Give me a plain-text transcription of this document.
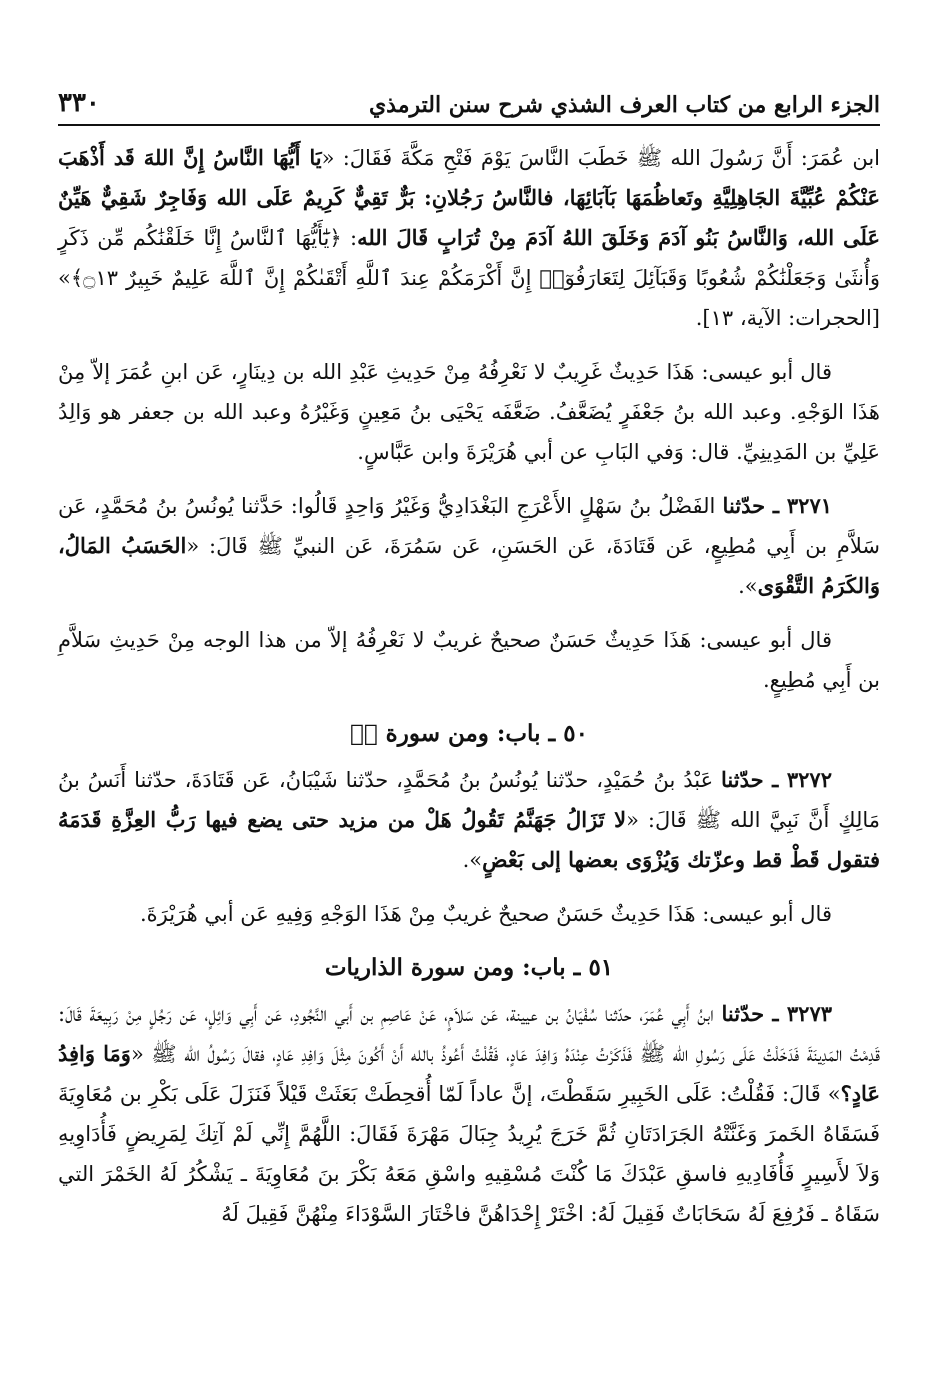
الجزء الرابع من كتاب العرف الشذي شرح سنن الترمذي
٣٣٠

ابن عُمَرَ: أَنَّ رَسُولَ الله ﷺ خَطَبَ النَّاسَ يَوْمَ فَتْحِ مَكَّةَ فَقَالَ: «يَا أَيُّهَا النَّاسُ إِنَّ اللهَ قَد أَذْهَبَ عَنْكُمْ عُبِّيَّةَ الجَاهِلِيَّةِ وتَعاظُمَهَا بَآبَائِهَا، فالنَّاسُ رَجُلانِ: بَرٌّ تَقِيٌّ كَرِيمٌ عَلَى الله وَفَاجِرٌ شَقِيٌّ هَيِّنٌ عَلَى الله، وَالنَّاسُ بَنُو آدَمَ وَخَلَقَ اللهُ آدَمَ مِنْ تُرَابٍ قَالَ الله: ﴿يَٰٓأَيُّهَا ٱلنَّاسُ إِنَّا خَلَقْنَٰكُم مِّن ذَكَرٍ وَأُنثَىٰ وَجَعَلْنَٰكُمْ شُعُوبًا وَقَبَآئِلَ لِتَعَارَفُوٓا۟ إِنَّ أَكْرَمَكُمْ عِندَ ٱللَّهِ أَتْقَىٰكُمْ إِنَّ ٱللَّهَ عَلِيمٌ خَبِيرٌ ۝١٣﴾» [الحجرات: الآية، ١٣].

قال أبو عيسى: هَذَا حَدِيثٌ غَرِيبٌ لا نَعْرِفُهُ مِنْ حَدِيثِ عَبْدِ الله بن دِينَارٍ، عَن ابنِ عُمَرَ إلاّ مِنْ هَذَا الوَجْهِ. وعبد الله بنُ جَعْفَرٍ يُضَعَّفُ. ضَعَّفَه يَحْيَى بنُ مَعِينٍ وَغَيْرُهُ وعبد الله بن جعفر هو وَالِدُ عَلِيِّ بن المَدِينِيِّ. قال: وَفي البَابِ عن أبي هُرَيْرَةَ وابن عَبَّاسٍ.

٣٢٧١ ـ حدّثنا الفَضْلُ بنُ سَهْلٍ الأَعْرَجِ البَغْدَادِيُّ وَغَيْرُ وَاحِدٍ قَالُوا: حَدَّثنا يُونُسُ بنُ مُحَمَّدٍ، عَن سَلاَّمِ بن أَبِي مُطِيعٍ، عَن قَتَادَةَ، عَن الحَسَنِ، عَن سَمُرَةَ، عَن النبيِّ ﷺ قَالَ: «الحَسَبُ المَالُ، وَالكَرَمُ التَّقْوَى».

قال أبو عيسى: هَذَا حَدِيثٌ حَسَنٌ صحيحٌ غريبٌ لا نَعْرِفُهُ إلاّ من هذا الوجه مِنْ حَدِيثِ سَلاَّمِ بن أَبِي مُطِيعٍ.

٥٠ ـ باب: ومن سورة قۤ

٣٢٧٢ ـ حدّثنا عَبْدُ بنُ حُمَيْدٍ، حدّثنا يُونُسُ بنُ مُحَمَّدٍ، حدّثنا شَيْبَانُ، عَن قَتَادَةَ، حدّثنا أَنَسُ بنُ مَالِكٍ أَنَّ نَبِيَّ الله ﷺ قَالَ: «لا تَزَالُ جَهَنَّمُ تَقُولُ هَلْ من مزيد حتى يضع فيها رَبُّ العِزَّةِ قَدَمَهُ فتقول قَطْ قط وعزّتك وَيُزْوَى بعضها إلى بَعْضٍ».

قال أبو عيسى: هَذَا حَدِيثٌ حَسَنٌ صحيحٌ غريبٌ مِنْ هَذَا الوَجْهِ وَفِيهِ عَن أبي هُرَيْرَةَ.

٥١ ـ باب: ومن سورة الذاريات

٣٢٧٣ ـ حدّثنا ابنُ أَبِي عُمَرَ، حدّثنا سُفْيَانُ بن عيينة، عَن سَلاَمٍ، عَنْ عَاصِمِ بن أَبي النَّجُودِ، عَن أَبِي وَائِلٍ، عَن رَجُلٍ مِنْ رَبِيعَةَ قَالَ: قَدِمْتُ المَدِينَةَ فَدَخَلْتُ عَلَى رَسُولِ الله ﷺ فَذَكَرْتُ عِنْدَهُ وَافِدَ عَادٍ، فَقُلْتُ أَعُوذُ بالله أَنْ أَكُونَ مِثْلَ وَافِدِ عَادٍ، فقالَ رَسُولُ الله ﷺ «وَمَا وَافِدُ عَادٍ؟» قَالَ: فَقُلْتُ: عَلَى الخَبِيرِ سَقَطْتَ، إنَّ عاداً لَمّا أُقحِطَتْ بَعَثَتْ قَيْلاً فَنَزَلَ عَلَى بَكْرِ بن مُعَاوِيَةَ فَسَقَاهُ الخَمرَ وَغَنَّتْهُ الجَرَادَتَانِ ثُمَّ خَرَجَ يُرِيدُ جِبَالَ مَهْرَةَ فَقَالَ: اللَّهُمَّ إِنِّي لَمْ آتِكَ لِمَرِيضٍ فَأُدَاوِيهِ وَلاَ لأَسِيرٍ فَأُفَادِيهِ فاسقِ عَبْدَكَ مَا كُنْتَ مُسْقِيهِ واسْقِ مَعَهُ بَكْرَ بنَ مُعَاوِيَةَ ـ يَشْكُرُ لَهُ الخَمْرَ التي سَقَاهُ ـ فَرُفِعَ لَهُ سَحَابَاتٌ فَقِيلَ لَهُ: اخْتَرْ إِحْدَاهُنَّ فاخْتَارَ السَّوْدَاءَ مِنْهُنَّ فَقِيلَ لَهُ
